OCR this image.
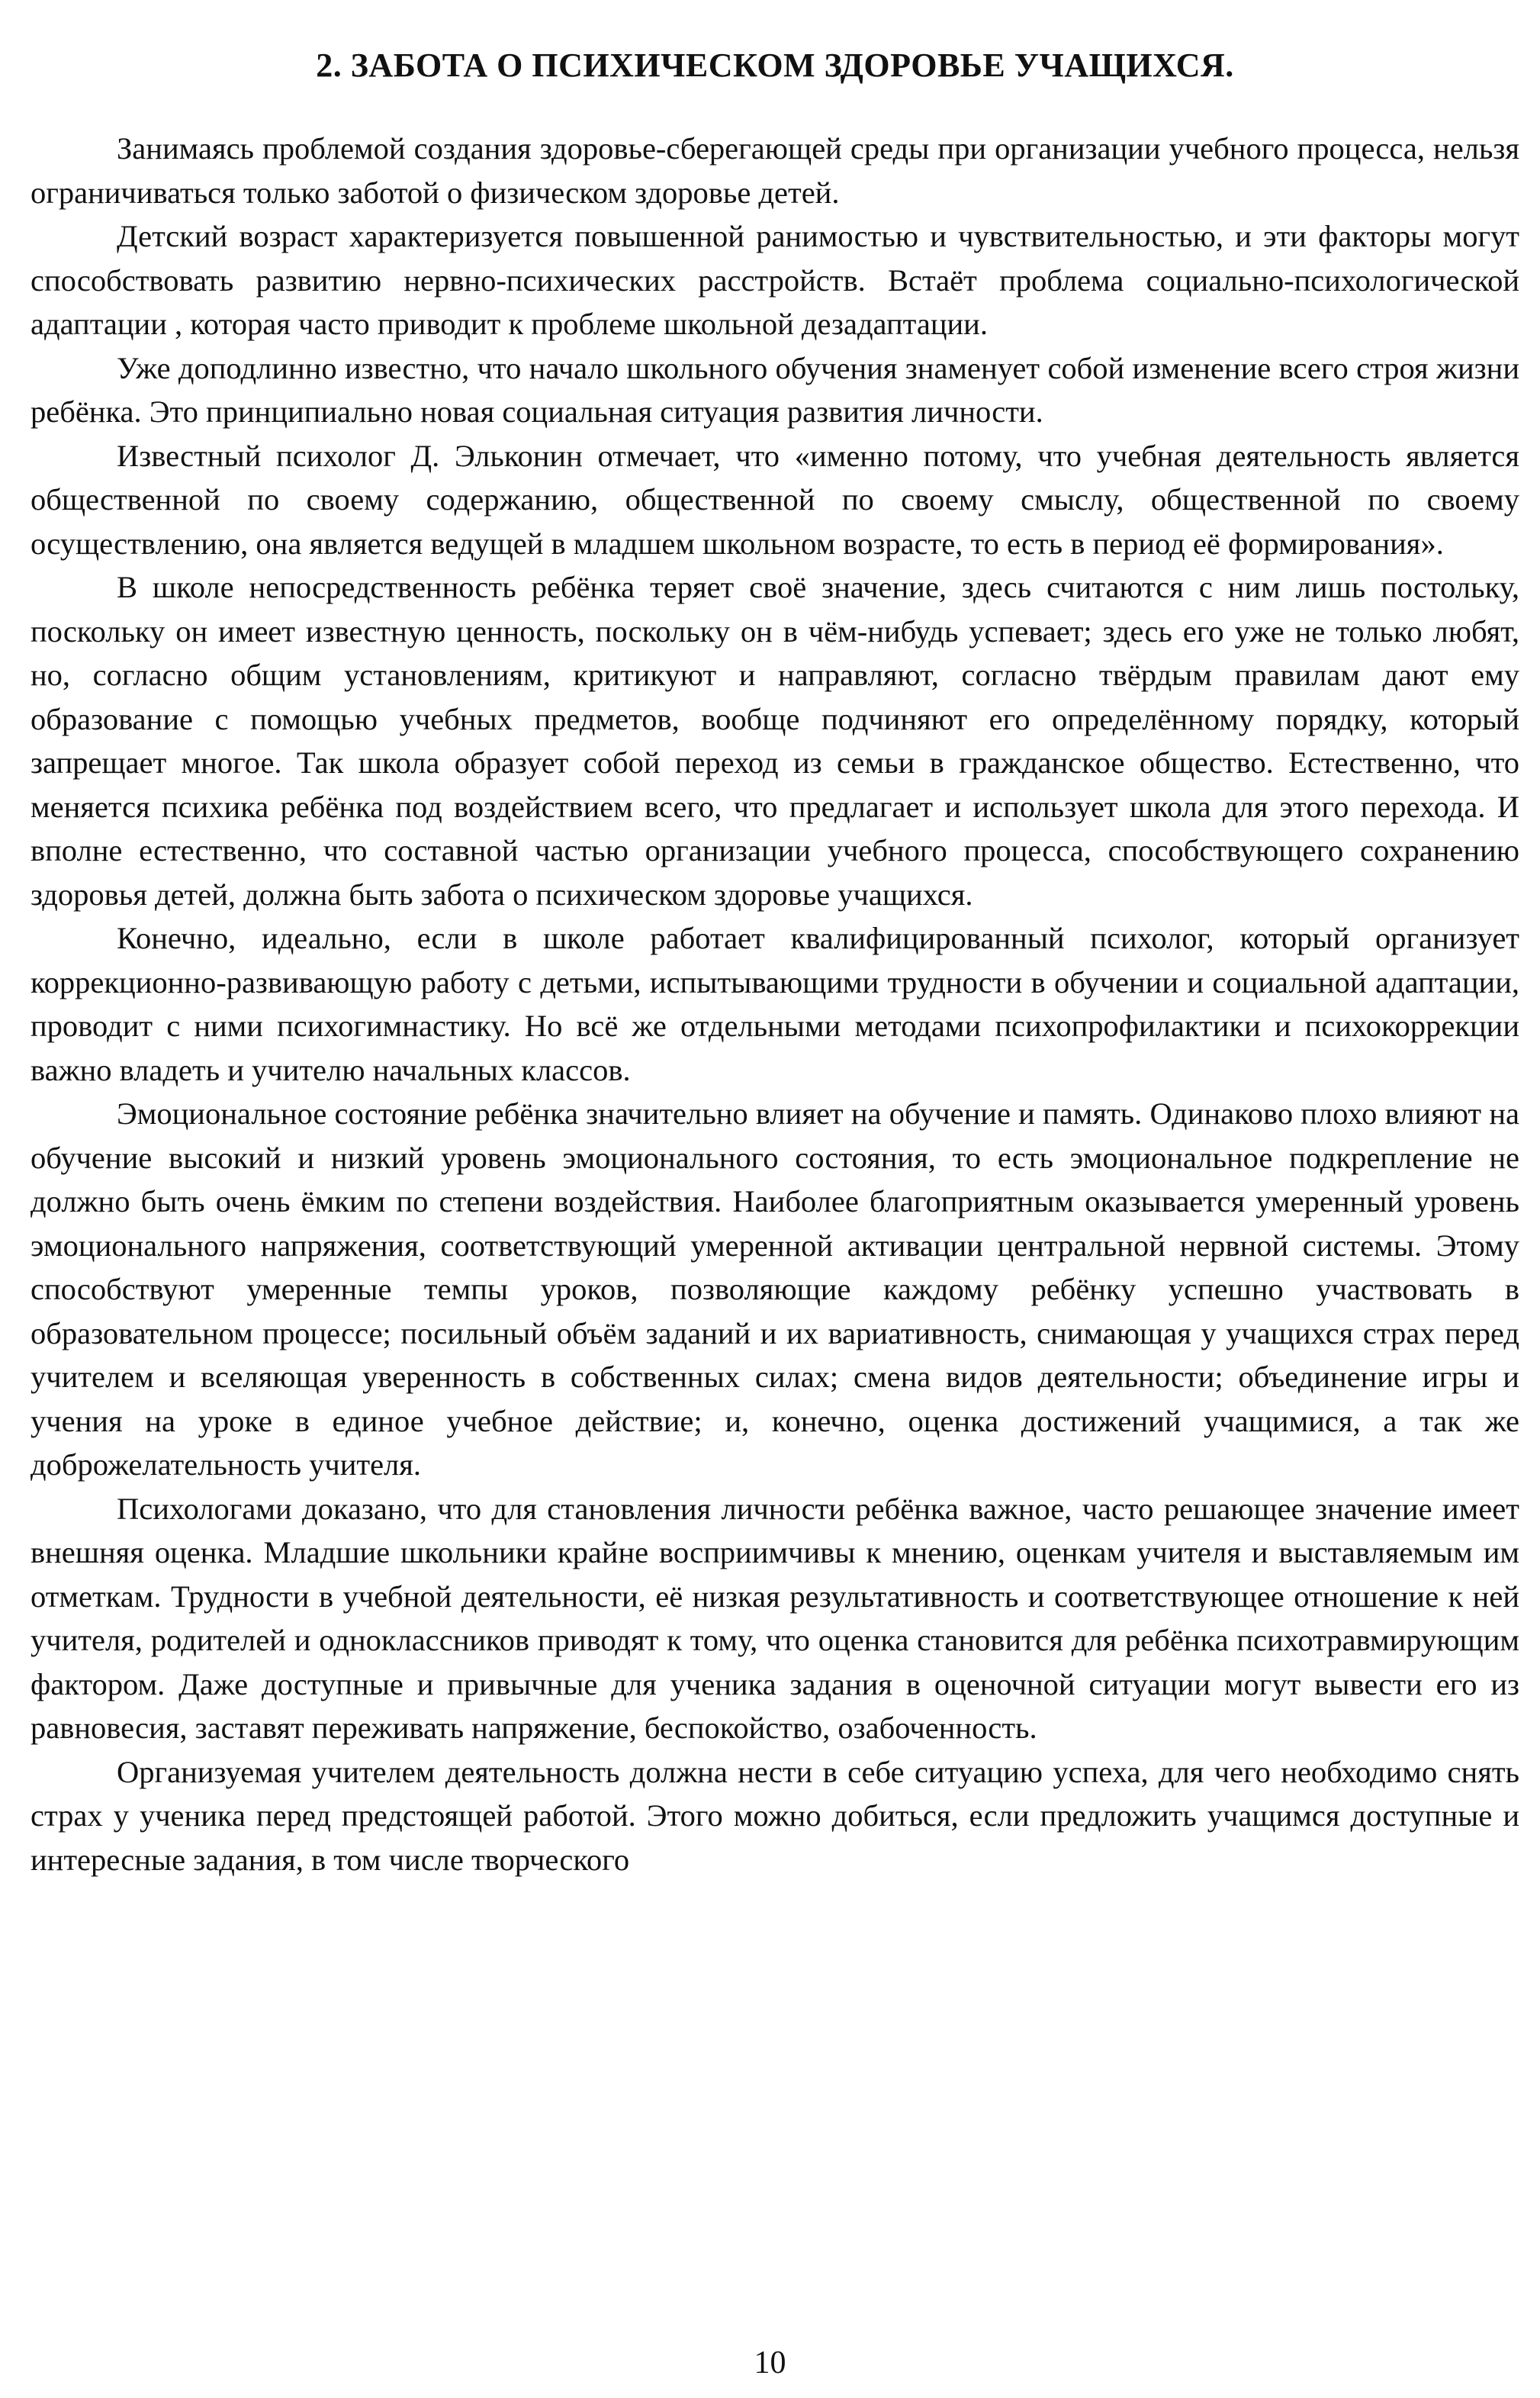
2. ЗАБОТА О ПСИХИЧЕСКОМ ЗДОРОВЬЕ УЧАЩИХСЯ.

Занимаясь проблемой создания здоровье-сберегающей среды при организации учебного процесса, нельзя ограничиваться только заботой о физическом здоровье детей.

Детский возраст характеризуется повышенной ранимостью и чувствительностью, и эти факторы могут способствовать развитию нервно-психических расстройств. Встаёт проблема социально-психологической адаптации , которая часто приводит к проблеме школьной дезадаптации.

Уже доподлинно известно, что начало школьного обучения знаменует собой изменение всего строя жизни ребёнка. Это принципиально новая социальная ситуация развития личности.

Известный психолог Д. Эльконин отмечает, что «именно потому, что учебная деятельность является общественной по своему содержанию, общественной по своему смыслу, общественной по своему осуществлению, она является ведущей в младшем школьном возрасте, то есть в период её формирования».

В школе непосредственность ребёнка теряет своё значение, здесь считаются с ним лишь постольку, поскольку он имеет известную ценность, поскольку он в чём-нибудь успевает; здесь его уже не только любят, но, согласно общим установлениям, критикуют и направляют, согласно твёрдым правилам дают ему образование с помощью учебных предметов, вообще подчиняют его определённому порядку, который запрещает многое. Так школа образует собой переход из семьи в гражданское общество. Естественно, что меняется психика ребёнка под воздействием всего, что предлагает и использует школа для этого перехода. И вполне естественно, что составной частью организации учебного процесса, способствующего сохранению здоровья детей, должна быть забота о психическом здоровье учащихся.

Конечно, идеально, если в школе работает квалифицированный психолог, который организует коррекционно-развивающую работу с детьми, испытывающими трудности в обучении и социальной адаптации, проводит с ними психогимнастику. Но всё же отдельными методами психопрофилактики и психокоррекции важно владеть и учителю начальных классов.

Эмоциональное состояние ребёнка значительно влияет на обучение и память. Одинаково плохо влияют на обучение высокий и низкий уровень эмоционального состояния, то есть эмоциональное подкрепление не должно быть очень ёмким по степени воздействия. Наиболее благоприятным оказывается умеренный уровень эмоционального напряжения, соответствующий умеренной активации центральной нервной системы. Этому способствуют умеренные темпы уроков, позволяющие каждому ребёнку успешно участвовать в образовательном процессе; посильный объём заданий и их вариативность, снимающая у учащихся страх перед учителем и вселяющая уверенность в собственных силах; смена видов деятельности; объединение игры и учения на уроке в единое учебное действие; и, конечно, оценка достижений учащимися, а так же доброжелательность учителя.

Психологами доказано, что для становления личности ребёнка важное, часто решающее значение имеет внешняя оценка. Младшие школьники крайне восприимчивы к мнению, оценкам учителя и выставляемым им отметкам. Трудности в учебной деятельности, её низкая результативность и соответствующее отношение к ней учителя, родителей и одноклассников приводят к тому, что оценка становится для ребёнка психотравмирующим фактором. Даже доступные и привычные для ученика задания в оценочной ситуации могут вывести его из равновесия, заставят переживать напряжение, беспокойство, озабоченность.

Организуемая учителем деятельность должна нести в себе ситуацию успеха, для чего необходимо снять страх у ученика перед предстоящей работой. Этого можно добиться, если предложить учащимся доступные и интересные задания, в том числе творческого

10
